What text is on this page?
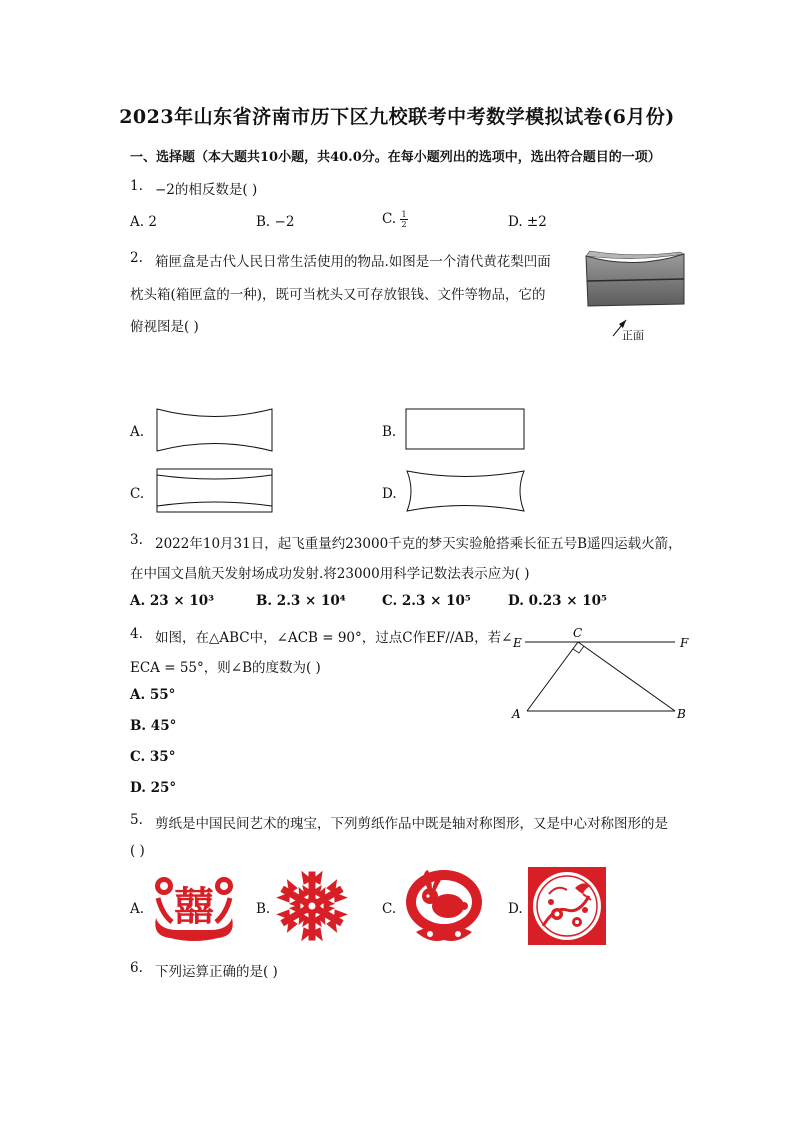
2023年山东省济南市历下区九校联考中考数学模拟试卷(6月份)
一、选择题（本大题共10小题，共40.0分。在每小题列出的选项中，选出符合题目的一项）
1. −2的相反数是( )
A. 2	B. −2	C. $\frac{1}{2}$	D. ±2
2. 箱匣盒是古代人民日常生活使用的物品.如图是一个清代黄花梨凹面
枕头箱(箱匣盒的一种)，既可当枕头又可存放银钱、文件等物品，它的
俯视图是( )
正面
A.	B.
C.	D.
3. 2022年10月31日，起飞重量约23000千克的梦天实验舱搭乘长征五号B遥四运载火箭，
在中国文昌航天发射场成功发射.将23000用科学记数法表示应为( )
A. 23 × 10³	B. 2.3 × 10⁴	C. 2.3 × 10⁵	D. 0.23 × 10⁵
4. 如图，在△ABC中，∠ACB = 90°，过点C作EF//AB，若∠
ECA = 55°，则∠B的度数为( )
A. 55°
B. 45°
C. 35°
D. 25°
E
C
F
A	B
5. 剪纸是中国民间艺术的瑰宝，下列剪纸作品中既是轴对称图形，又是中心对称图形的是
( )
A. 囍	B.	C.	D.
6. 下列运算正确的是( )
